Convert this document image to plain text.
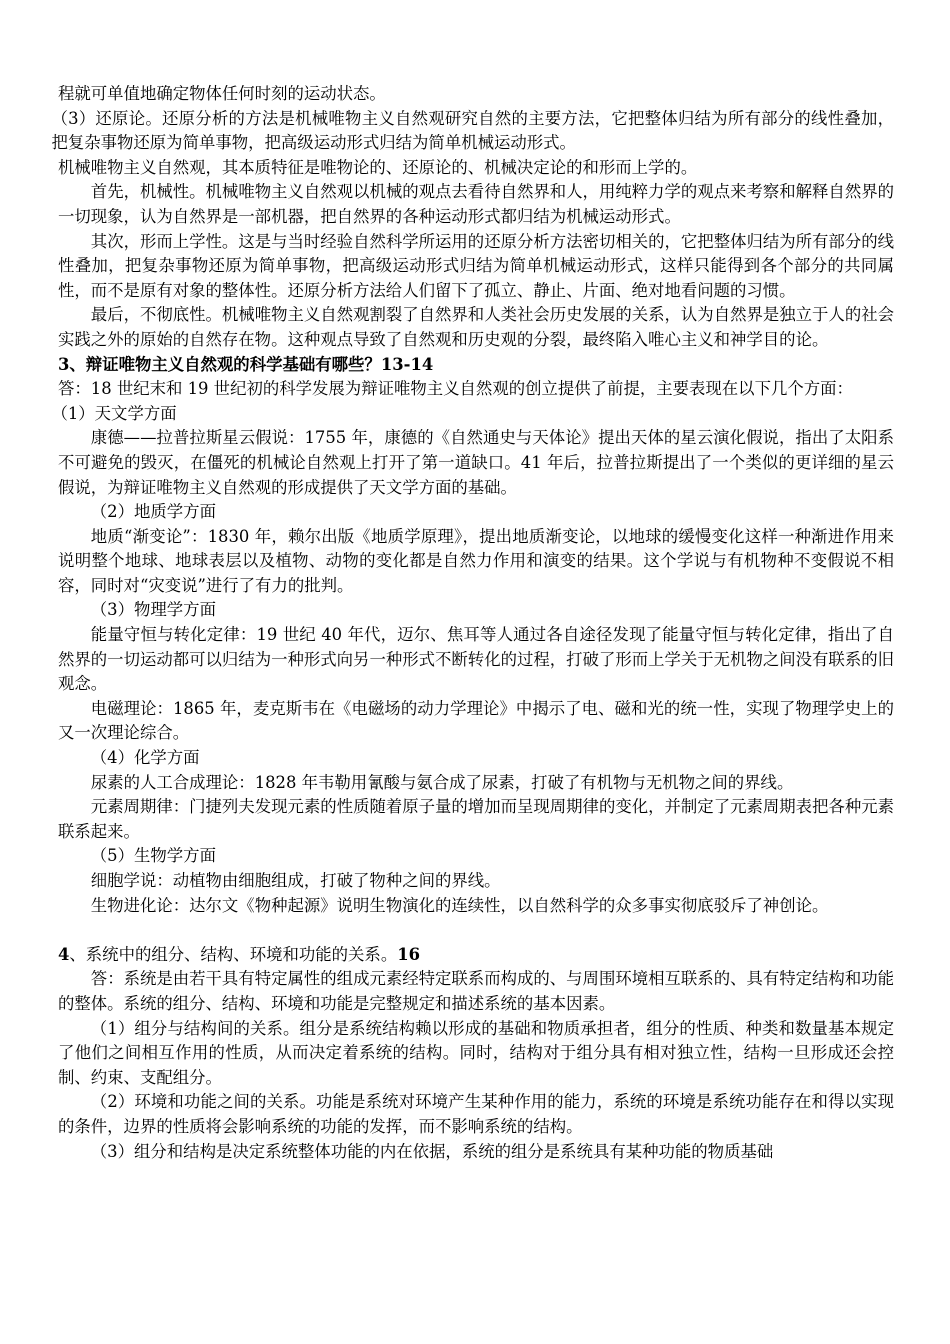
程就可单值地确定物体任何时刻的运动状态。

（3）还原论。还原分析的方法是机械唯物主义自然观研究自然的主要方法，它把整体归结为所有部分的线性叠加，把复杂事物还原为简单事物，把高级运动形式归结为简单机械运动形式。

机械唯物主义自然观，其本质特征是唯物论的、还原论的、机械决定论的和形而上学的。

首先，机械性。机械唯物主义自然观以机械的观点去看待自然界和人，用纯粹力学的观点来考察和解释自然界的一切现象，认为自然界是一部机器，把自然界的各种运动形式都归结为机械运动形式。

其次，形而上学性。这是与当时经验自然科学所运用的还原分析方法密切相关的，它把整体归结为所有部分的线性叠加，把复杂事物还原为简单事物，把高级运动形式归结为简单机械运动形式，这样只能得到各个部分的共同属性，而不是原有对象的整体性。还原分析方法给人们留下了孤立、静止、片面、绝对地看问题的习惯。

最后，不彻底性。机械唯物主义自然观割裂了自然界和人类社会历史发展的关系，认为自然界是独立于人的社会实践之外的原始的自然存在物。这种观点导致了自然观和历史观的分裂，最终陷入唯心主义和神学目的论。

3、辩证唯物主义自然观的科学基础有哪些？13-14

答：18 世纪末和 19 世纪初的科学发展为辩证唯物主义自然观的创立提供了前提，主要表现在以下几个方面：

（1）天文学方面

康德——拉普拉斯星云假说：1755 年，康德的《自然通史与天体论》提出天体的星云演化假说，指出了太阳系不可避免的毁灭，在僵死的机械论自然观上打开了第一道缺口。41 年后，拉普拉斯提出了一个类似的更详细的星云假说，为辩证唯物主义自然观的形成提供了天文学方面的基础。

（2）地质学方面

地质“渐变论”：1830 年，赖尔出版《地质学原理》，提出地质渐变论，以地球的缓慢变化这样一种渐进作用来说明整个地球、地球表层以及植物、动物的变化都是自然力作用和演变的结果。这个学说与有机物种不变假说不相容，同时对“灾变说”进行了有力的批判。

（3）物理学方面

能量守恒与转化定律：19 世纪 40 年代，迈尔、焦耳等人通过各自途径发现了能量守恒与转化定律，指出了自然界的一切运动都可以归结为一种形式向另一种形式不断转化的过程，打破了形而上学关于无机物之间没有联系的旧观念。

电磁理论：1865 年，麦克斯韦在《电磁场的动力学理论》中揭示了电、磁和光的统一性，实现了物理学史上的又一次理论综合。

（4）化学方面

尿素的人工合成理论：1828 年韦勒用氰酸与氨合成了尿素，打破了有机物与无机物之间的界线。

元素周期律：门捷列夫发现元素的性质随着原子量的增加而呈现周期律的变化，并制定了元素周期表把各种元素联系起来。

（5）生物学方面

细胞学说：动植物由细胞组成，打破了物种之间的界线。

生物进化论：达尔文《物种起源》说明生物演化的连续性，以自然科学的众多事实彻底驳斥了神创论。

4、系统中的组分、结构、环境和功能的关系。16

答：系统是由若干具有特定属性的组成元素经特定联系而构成的、与周围环境相互联系的、具有特定结构和功能的整体。系统的组分、结构、环境和功能是完整规定和描述系统的基本因素。

（1）组分与结构间的关系。组分是系统结构赖以形成的基础和物质承担者，组分的性质、种类和数量基本规定了他们之间相互作用的性质，从而决定着系统的结构。同时，结构对于组分具有相对独立性，结构一旦形成还会控制、约束、支配组分。

（2）环境和功能之间的关系。功能是系统对环境产生某种作用的能力，系统的环境是系统功能存在和得以实现的条件，边界的性质将会影响系统的功能的发挥，而不影响系统的结构。

（3）组分和结构是决定系统整体功能的内在依据，系统的组分是系统具有某种功能的物质基础
